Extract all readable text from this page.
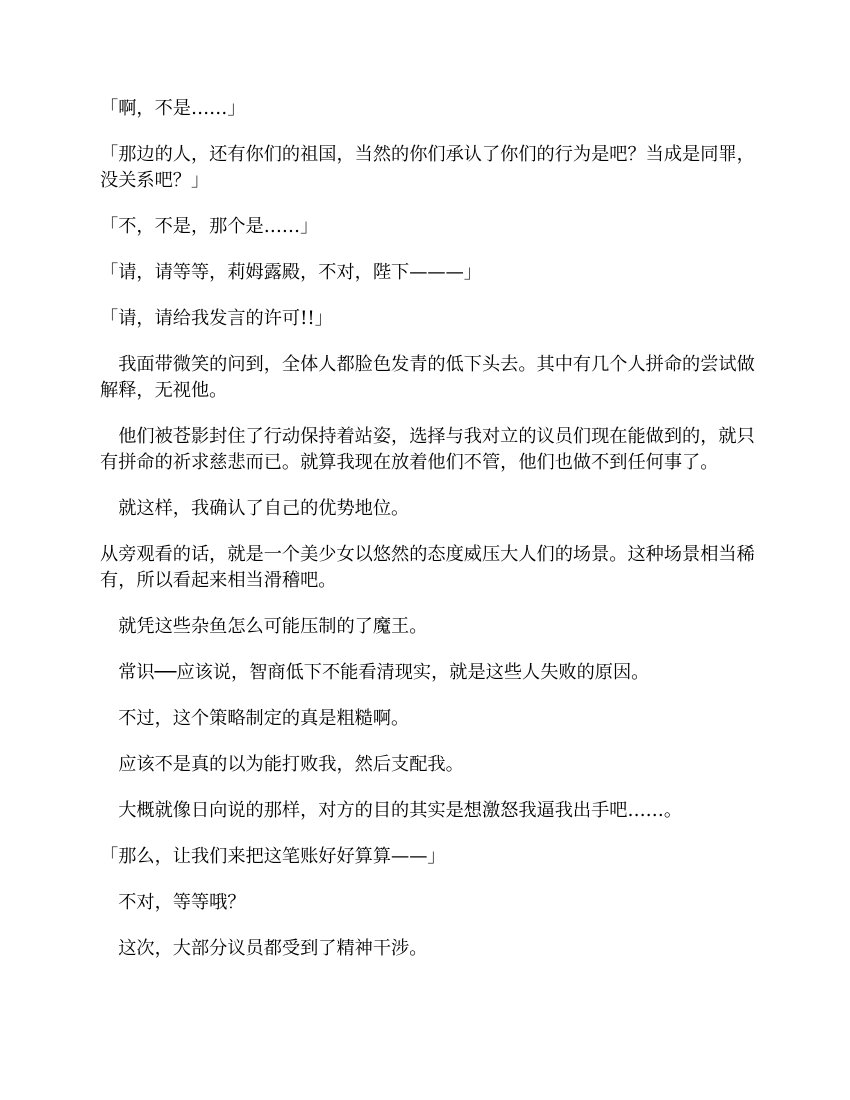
「啊，不是……」

「那边的人，还有你们的祖国，当然的你们承认了你们的行为是吧？当成是同罪，没关系吧？」

「不，不是，那个是……」

「请，请等等，莉姆露殿，不对，陛下———」

「请，请给我发言的许可!!」

我面带微笑的问到，全体人都脸色发青的低下头去。其中有几个人拼命的尝试做解释，无视他。

他们被苍影封住了行动保持着站姿，选择与我对立的议员们现在能做到的，就只有拼命的祈求慈悲而已。就算我现在放着他们不管，他们也做不到任何事了。

就这样，我确认了自己的优势地位。

从旁观看的话，就是一个美少女以悠然的态度威压大人们的场景。这种场景相当稀有，所以看起来相当滑稽吧。

就凭这些杂鱼怎么可能压制的了魔王。

常识──应该说，智商低下不能看清现实，就是这些人失败的原因。

不过，这个策略制定的真是粗糙啊。

应该不是真的以为能打败我，然后支配我。

大概就像日向说的那样，对方的目的其实是想激怒我逼我出手吧……。

「那么，让我们来把这笔账好好算算——」

不对，等等哦？

这次，大部分议员都受到了精神干涉。
